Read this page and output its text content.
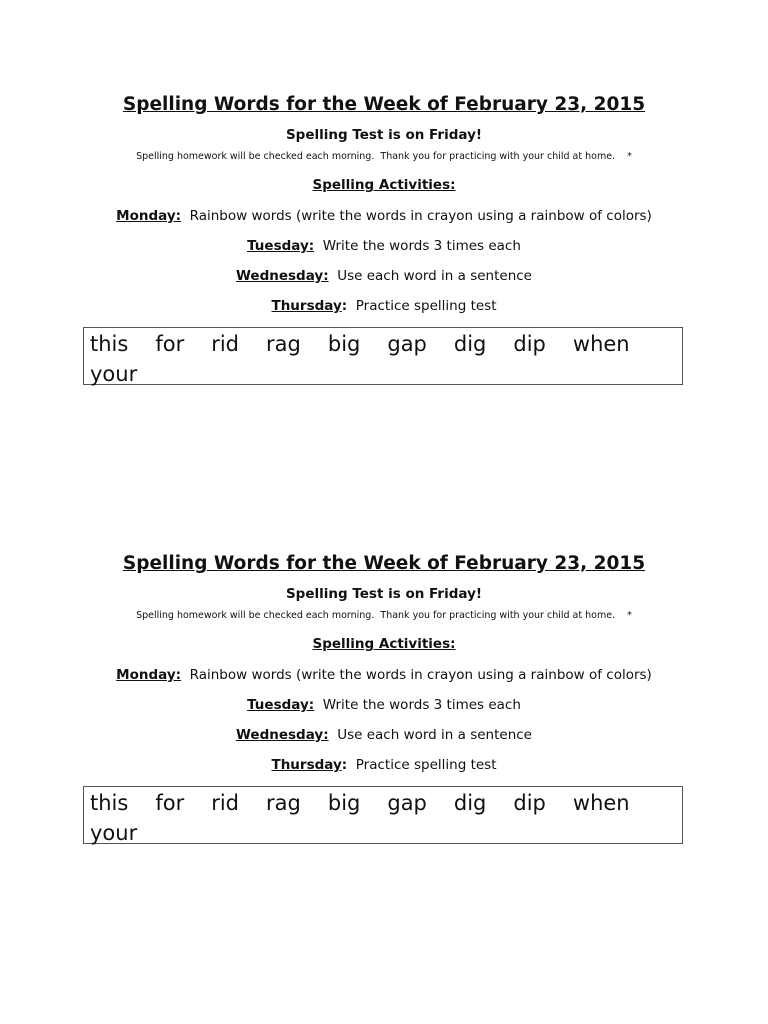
Spelling Words for the Week of February 23, 2015
Spelling Test is on Friday!
Spelling homework will be checked each morning.  Thank you for practicing with your child at home.    *
Spelling Activities:
Monday: Rainbow words (write the words in crayon using a rainbow of colors)
Tuesday: Write the words 3 times each
Wednesday: Use each word in a sentence
Thursday: Practice spelling test
this for rid rag big gap dig dip when
your
Spelling Words for the Week of February 23, 2015
Spelling Test is on Friday!
Spelling homework will be checked each morning.  Thank you for practicing with your child at home.    *
Spelling Activities:
Monday: Rainbow words (write the words in crayon using a rainbow of colors)
Tuesday: Write the words 3 times each
Wednesday: Use each word in a sentence
Thursday: Practice spelling test
this for rid rag big gap dig dip when
your
